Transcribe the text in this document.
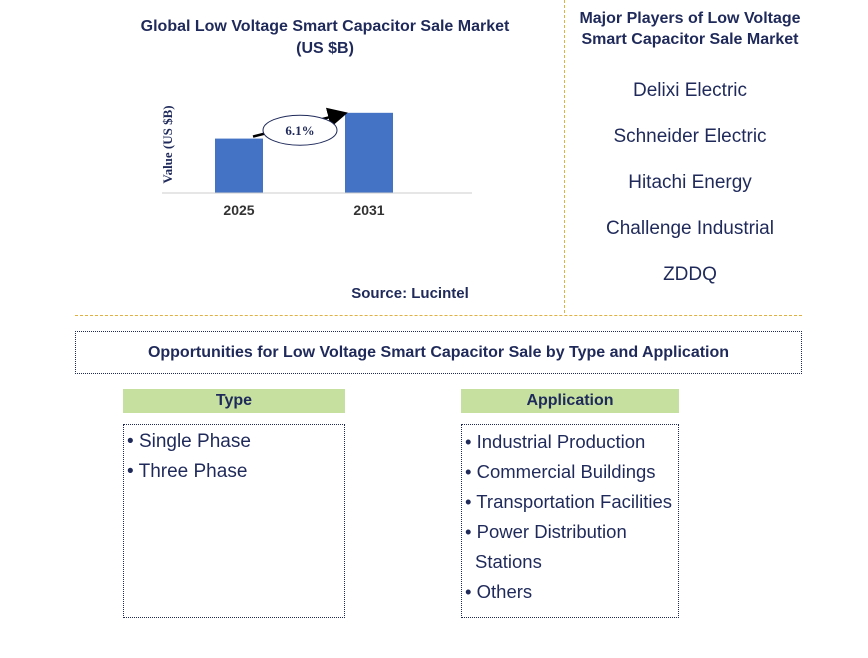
Global Low Voltage Smart Capacitor Sale Market (US $B)
Value (US $B)
2025	2031
6.1%
Source: Lucintel
Major Players of Low Voltage Smart Capacitor Sale Market
Delixi Electric
Schneider Electric
Hitachi Energy
Challenge Industrial
ZDDQ
Opportunities for Low Voltage Smart Capacitor Sale by Type and Application
Type
• Single Phase
• Three Phase
Application
• Industrial Production
• Commercial Buildings
• Transportation Facilities
• Power Distribution
Stations
• Others
